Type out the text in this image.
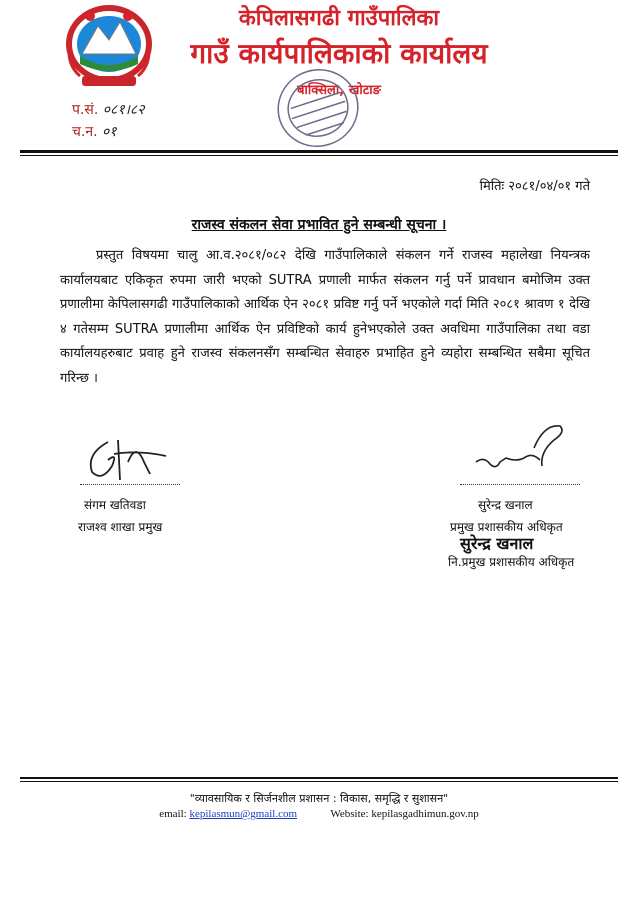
केपिलासगढी गाउँपालिका
गाउँ कार्यपालिकाको कार्यालय
बाक्सिला, खोटाङ
प.सं. ०८१।८२
च.न. ०१
मितिः २०८१/०४/०१ गते
राजस्व संकलन सेवा प्रभावित हुने सम्बन्धी सूचना ।
प्रस्तुत विषयमा चालु आ.व.२०८१/०८२ देखि गाउँपालिकाले संकलन गर्ने राजस्व महालेखा नियन्त्रक कार्यालयबाट एकिकृत रुपमा जारी भएको SUTRA प्रणाली मार्फत संकलन गर्नु पर्ने प्रावधान बमोजिम उक्त प्रणालीमा केपिलासगढी गाउँपालिकाको आर्थिक ऐन २०८१ प्रविष्ट गर्नु पर्ने भएकोले गर्दा मिति २०८१ श्रावण १ देखि ४ गतेसम्म SUTRA प्रणालीमा आर्थिक ऐन प्रविष्टिको कार्य हुनेभएकोले उक्त अवधिमा गाउँपालिका तथा वडा कार्यालयहरुबाट प्रवाह हुने राजस्व संकलनसँग सम्बन्धित सेवाहरु प्रभाहित हुने व्यहोरा सम्बन्धित सबैमा सूचित गरिन्छ ।
संगम खतिवडा
राजश्व शाखा प्रमुख
सुरेन्द्र खनाल
प्रमुख प्रशासकीय अधिकृत
सुरेन्द्र खनाल
नि.प्रमुख प्रशासकीय अधिकृत
"व्यावसायिक र सिर्जनशील प्रशासन : विकास, समृद्धि र सुशासन"
email: kepilasmun@gmail.com	Website: kepilasgadhimun.gov.np
